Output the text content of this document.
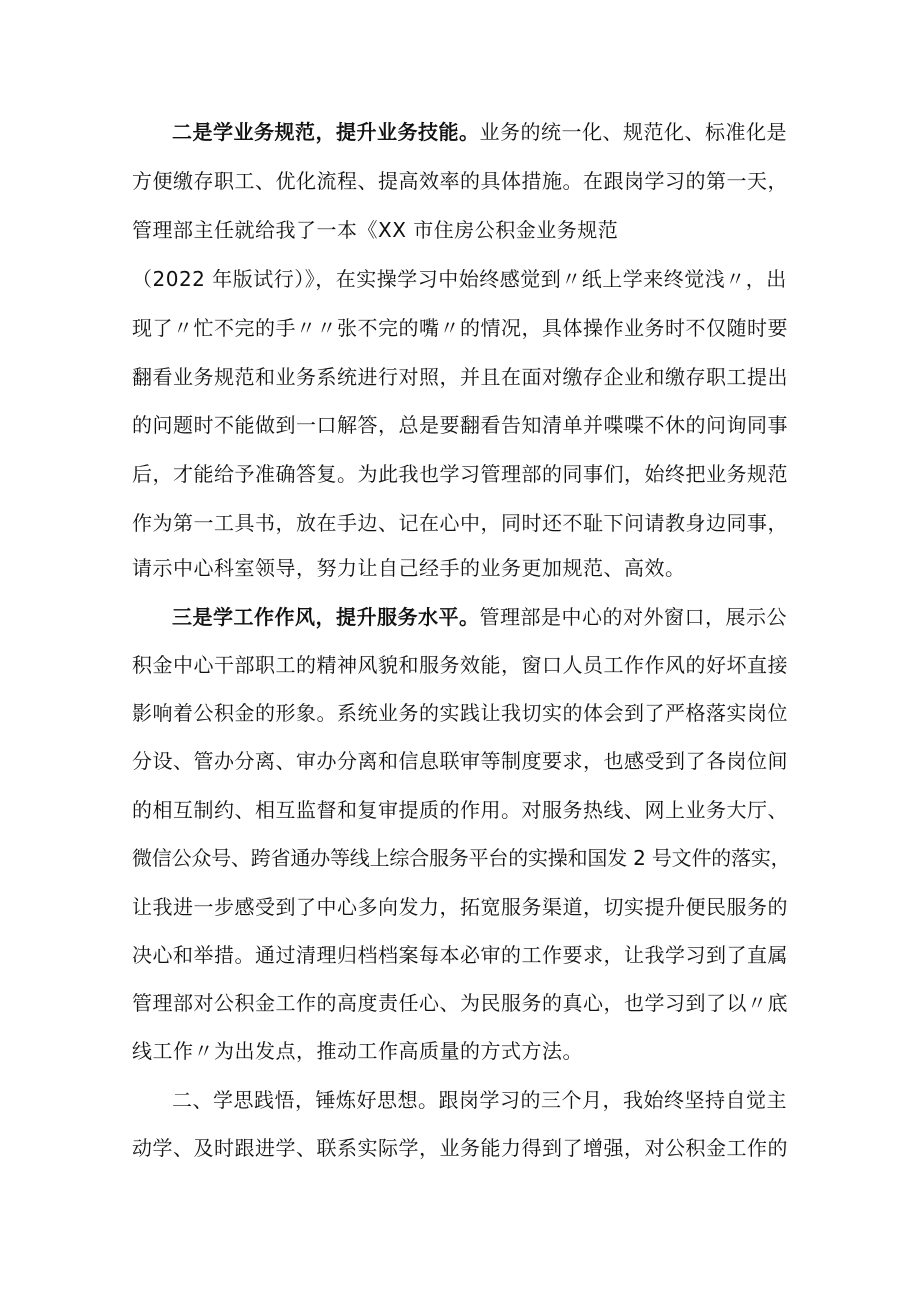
二是学业务规范，提升业务技能。业务的统一化、规范化、标准化是
方便缴存职工、优化流程、提高效率的具体措施。在跟岗学习的第一天，
管理部主任就给我了一本《XX 市住房公积金业务规范
（2022 年版试行）》，在实操学习中始终感觉到〃纸上学来终觉浅〃，出
现了〃忙不完的手〃〃张不完的嘴〃的情况，具体操作业务时不仅随时要
翻看业务规范和业务系统进行对照，并且在面对缴存企业和缴存职工提出
的问题时不能做到一口解答，总是要翻看告知清单并喋喋不休的问询同事
后，才能给予准确答复。为此我也学习管理部的同事们，始终把业务规范
作为第一工具书，放在手边、记在心中，同时还不耻下问请教身边同事，
请示中心科室领导，努力让自己经手的业务更加规范、高效。
三是学工作作风，提升服务水平。管理部是中心的对外窗口，展示公
积金中心干部职工的精神风貌和服务效能，窗口人员工作作风的好坏直接
影响着公积金的形象。系统业务的实践让我切实的体会到了严格落实岗位
分设、管办分离、审办分离和信息联审等制度要求，也感受到了各岗位间
的相互制约、相互监督和复审提质的作用。对服务热线、网上业务大厅、
微信公众号、跨省通办等线上综合服务平台的实操和国发 2 号文件的落实，
让我进一步感受到了中心多向发力，拓宽服务渠道，切实提升便民服务的
决心和举措。通过清理归档档案每本必审的工作要求，让我学习到了直属
管理部对公积金工作的高度责任心、为民服务的真心，也学习到了以〃底
线工作〃为出发点，推动工作高质量的方式方法。
二、学思践悟，锤炼好思想。跟岗学习的三个月，我始终坚持自觉主
动学、及时跟进学、联系实际学，业务能力得到了增强，对公积金工作的
